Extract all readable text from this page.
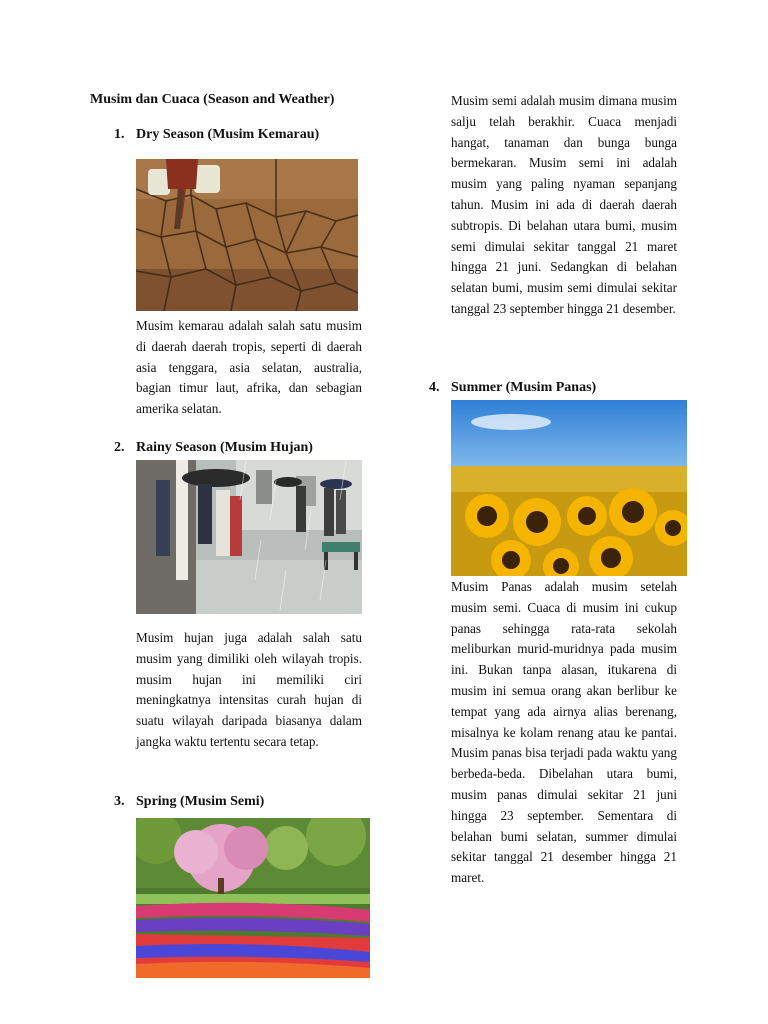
Musim dan Cuaca (Season and Weather)
1. Dry Season (Musim Kemarau)

Musim kemarau adalah salah satu musim di daerah daerah tropis, seperti di daerah asia tenggara, asia selatan, australia, bagian timur laut, afrika, dan sebagian amerika selatan.

2. Rainy Season (Musim Hujan)

Musim hujan juga adalah salah satu musim yang dimiliki oleh wilayah tropis. musim hujan ini memiliki ciri meningkatnya intensitas curah hujan di suatu wilayah daripada biasanya dalam jangka waktu tertentu secara tetap.

3. Spring (Musim Semi)

Musim semi adalah musim dimana musim salju telah berakhir. Cuaca menjadi hangat, tanaman dan bunga bunga bermekaran. Musim semi ini adalah musim yang paling nyaman sepanjang tahun. Musim ini ada di daerah daerah subtropis. Di belahan utara bumi, musim semi dimulai sekitar tanggal 21 maret hingga 21 juni. Sedangkan di belahan selatan bumi, musim semi dimulai sekitar tanggal 23 september hingga 21 desember.

4. Summer (Musim Panas)

Musim Panas adalah musim setelah musim semi. Cuaca di musim ini cukup panas sehingga rata-rata sekolah meliburkan murid-muridnya pada musim ini. Bukan tanpa alasan, itukarena di musim ini semua orang akan berlibur ke tempat yang ada airnya alias berenang, misalnya ke kolam renang atau ke pantai. Musim panas bisa terjadi pada waktu yang berbeda-beda. Dibelahan utara bumi, musim panas dimulai sekitar 21 juni hingga 23 september. Sementara di belahan bumi selatan, summer dimulai sekitar tanggal 21 desember hingga 21 maret.
